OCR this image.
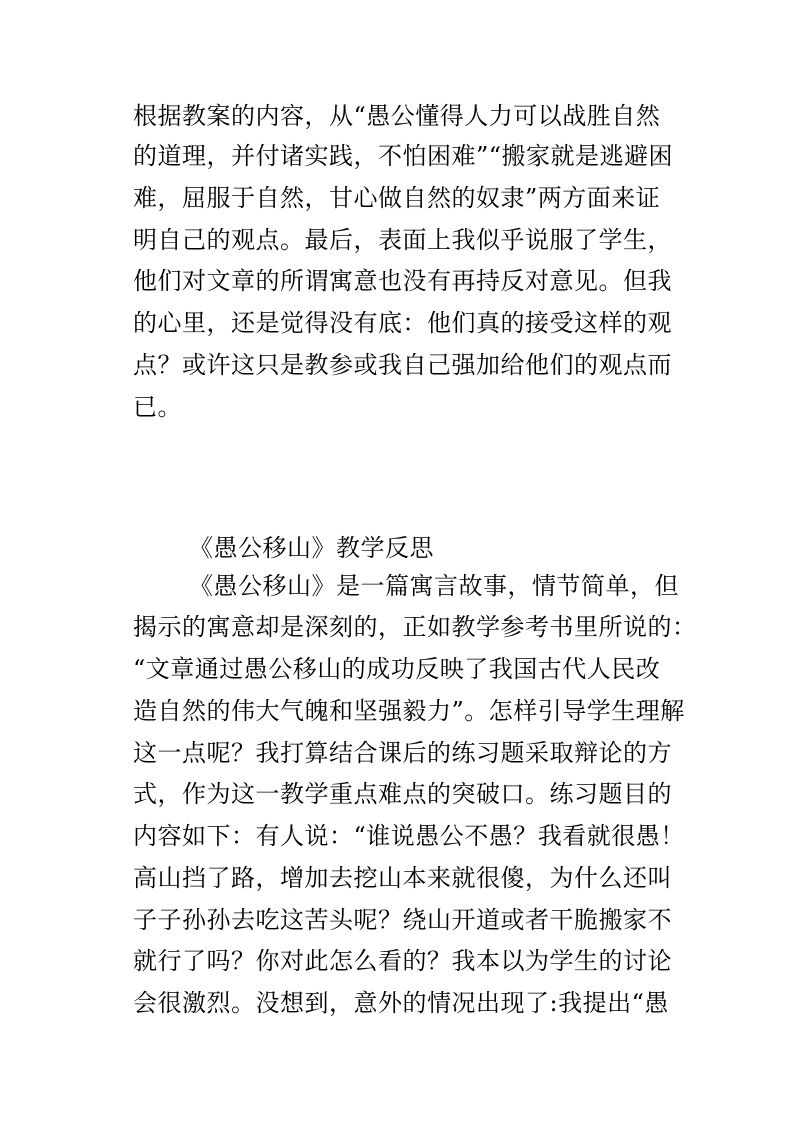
根据教案的内容，从“愚公懂得人力可以战胜自然
的道理，并付诸实践，不怕困难”“搬家就是逃避困
难，屈服于自然，甘心做自然的奴隶”两方面来证
明自己的观点。最后，表面上我似乎说服了学生，
他们对文章的所谓寓意也没有再持反对意见。但我
的心里，还是觉得没有底：他们真的接受这样的观
点？或许这只是教参或我自己强加给他们的观点而
已。
《愚公移山》教学反思
《愚公移山》是一篇寓言故事，情节简单，但
揭示的寓意却是深刻的，正如教学参考书里所说的：
“文章通过愚公移山的成功反映了我国古代人民改
造自然的伟大气魄和坚强毅力”。怎样引导学生理解
这一点呢？我打算结合课后的练习题采取辩论的方
式，作为这一教学重点难点的突破口。练习题目的
内容如下：有人说：“谁说愚公不愚？我看就很愚！
高山挡了路，增加去挖山本来就很傻，为什么还叫
子子孙孙去吃这苦头呢？绕山开道或者干脆搬家不
就行了吗？你对此怎么看的？我本以为学生的讨论
会很激烈。没想到，意外的情况出现了:我提出“愚
